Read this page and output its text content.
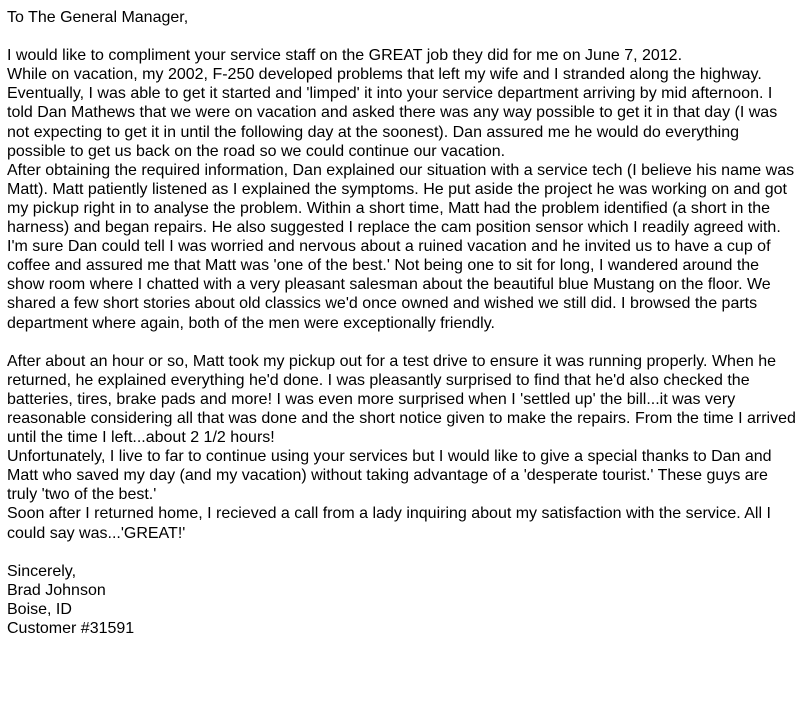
To The General Manager,
I would like to compliment your service staff on the GREAT job they did for me on June 7, 2012.
While on vacation, my 2002, F-250 developed problems that left my wife and I stranded along the highway. Eventually, I was able to get it started and 'limped' it into your service department arriving by mid afternoon. I told Dan Mathews that we were on vacation and asked there was any way possible to get it in that day (I was not expecting to get it in until the following day at the soonest). Dan assured me he would do everything possible to get us back on the road so we could continue our vacation.
After obtaining the required information, Dan explained our situation with a service tech (I believe his name was Matt). Matt patiently listened as I explained the symptoms. He put aside the project he was working on and got my pickup right in to analyse the problem. Within a short time, Matt had the problem identified (a short in the harness) and began repairs. He also suggested I replace the cam position sensor which I readily agreed with.
I'm sure Dan could tell I was worried and nervous about a ruined vacation and he invited us to have a cup of coffee and assured me that Matt was 'one of the best.' Not being one to sit for long, I wandered around the show room where I chatted with a very pleasant salesman about the beautiful blue Mustang on the floor. We shared a few short stories about old classics we'd once owned and wished we still did. I browsed the parts department where again, both of the men were exceptionally friendly.
After about an hour or so, Matt took my pickup out for a test drive to ensure it was running properly. When he returned, he explained everything he'd done. I was pleasantly surprised to find that he'd also checked the batteries, tires, brake pads and more! I was even more surprised when I 'settled up' the bill...it was very reasonable considering all that was done and the short notice given to make the repairs. From the time I arrived until the time I left...about 2 1/2 hours!
Unfortunately, I live to far to continue using your services but I would like to give a special thanks to Dan and Matt who saved my day (and my vacation) without taking advantage of a 'desperate tourist.' These guys are truly 'two of the best.'
Soon after I returned home, I recieved a call from a lady inquiring about my satisfaction with the service. All I could say was...'GREAT!'
Sincerely,
Brad Johnson
Boise, ID
Customer #31591
